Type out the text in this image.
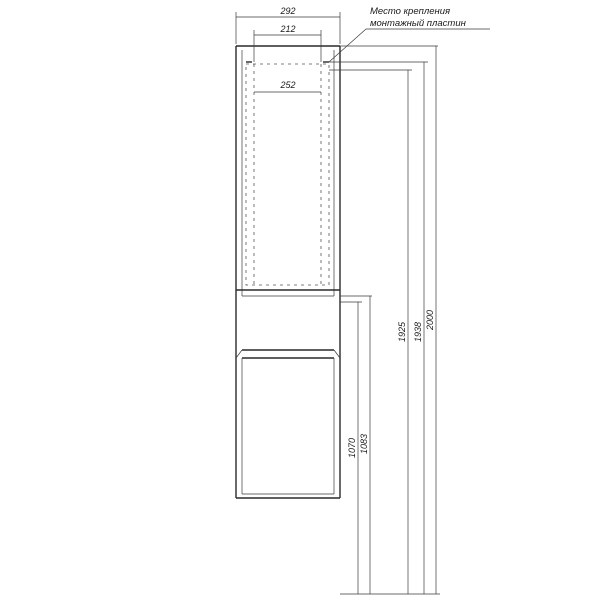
292
212
252
Место крепления
монтажный пластин
1070 1083
1925 1938
2000
